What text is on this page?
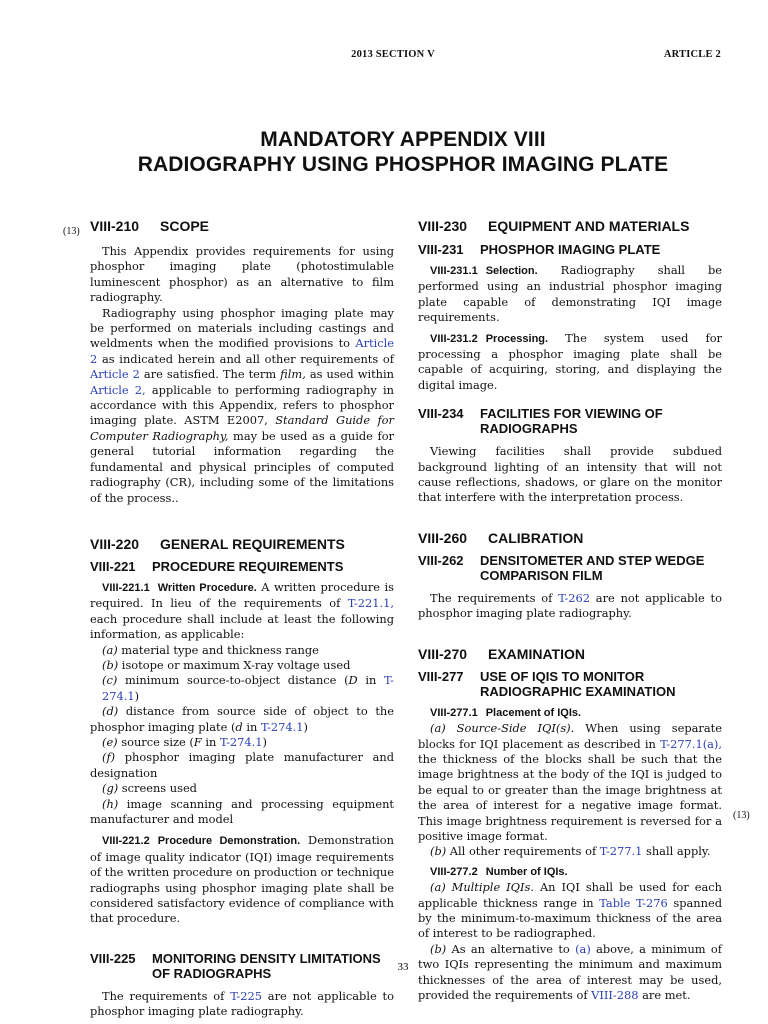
2013 SECTION V	ARTICLE 2
MANDATORY APPENDIX VIII
RADIOGRAPHY USING PHOSPHOR IMAGING PLATE
(13)
(13)
VIII-210	SCOPE

This Appendix provides requirements for using phosphor imaging plate (photostimulable luminescent phosphor) as an alternative to film radiography.

Radiography using phosphor imaging plate may be performed on materials including castings and weldments when the modified provisions to Article 2 as indicated herein and all other requirements of Article 2 are satisfied. The term film, as used within Article 2, applicable to performing radiography in accordance with this Appendix, refers to phosphor imaging plate. ASTM E2007, Standard Guide for Computer Radiography, may be used as a guide for general tutorial information regarding the fundamental and physical principles of computed radiography (CR), including some of the limitations of the process..

VIII-220	GENERAL REQUIREMENTS
VIII-221	PROCEDURE REQUIREMENTS

VIII-221.1 Written Procedure. A written procedure is required. In lieu of the requirements of T-221.1, each procedure shall include at least the following information, as applicable:

(a) material type and thickness range
(b) isotope or maximum X-ray voltage used
(c) minimum source-to-object distance (D in T-274.1)
(d) distance from source side of object to the phosphor imaging plate (d in T-274.1)
(e) source size (F in T-274.1)
(f) phosphor imaging plate manufacturer and designation
(g) screens used
(h) image scanning and processing equipment manufacturer and model

VIII-221.2 Procedure Demonstration. Demonstration of image quality indicator (IQI) image requirements of the written procedure on production or technique radiographs using phosphor imaging plate shall be considered satisfactory evidence of compliance with that procedure.

VIII-225	MONITORING DENSITY LIMITATIONS OF RADIOGRAPHS

The requirements of T-225 are not applicable to phosphor imaging plate radiography.

VIII-230	EQUIPMENT AND MATERIALS
VIII-231	PHOSPHOR IMAGING PLATE

VIII-231.1 Selection. Radiography shall be performed using an industrial phosphor imaging plate capable of demonstrating IQI image requirements.

VIII-231.2 Processing. The system used for processing a phosphor imaging plate shall be capable of acquiring, storing, and displaying the digital image.

VIII-234	FACILITIES FOR VIEWING OF RADIOGRAPHS

Viewing facilities shall provide subdued background lighting of an intensity that will not cause reflections, shadows, or glare on the monitor that interfere with the interpretation process.

VIII-260	CALIBRATION
VIII-262	DENSITOMETER AND STEP WEDGE COMPARISON FILM

The requirements of T-262 are not applicable to phosphor imaging plate radiography.

VIII-270	EXAMINATION
VIII-277	USE OF IQIS TO MONITOR RADIOGRAPHIC EXAMINATION

VIII-277.1 Placement of IQIs.

(a) Source-Side IQI(s). When using separate blocks for IQI placement as described in T-277.1(a), the thickness of the blocks shall be such that the image brightness at the body of the IQI is judged to be equal to or greater than the image brightness at the area of interest for a negative image format. This image brightness requirement is reversed for a positive image format.

(b) All other requirements of T-277.1 shall apply.

VIII-277.2 Number of IQIs.

(a) Multiple IQIs. An IQI shall be used for each applicable thickness range in Table T-276 spanned by the minimum-to-maximum thickness of the area of interest to be radiographed.

(b) As an alternative to (a) above, a minimum of two IQIs representing the minimum and maximum thicknesses of the area of interest may be used, provided the requirements of VIII-288 are met.

33
